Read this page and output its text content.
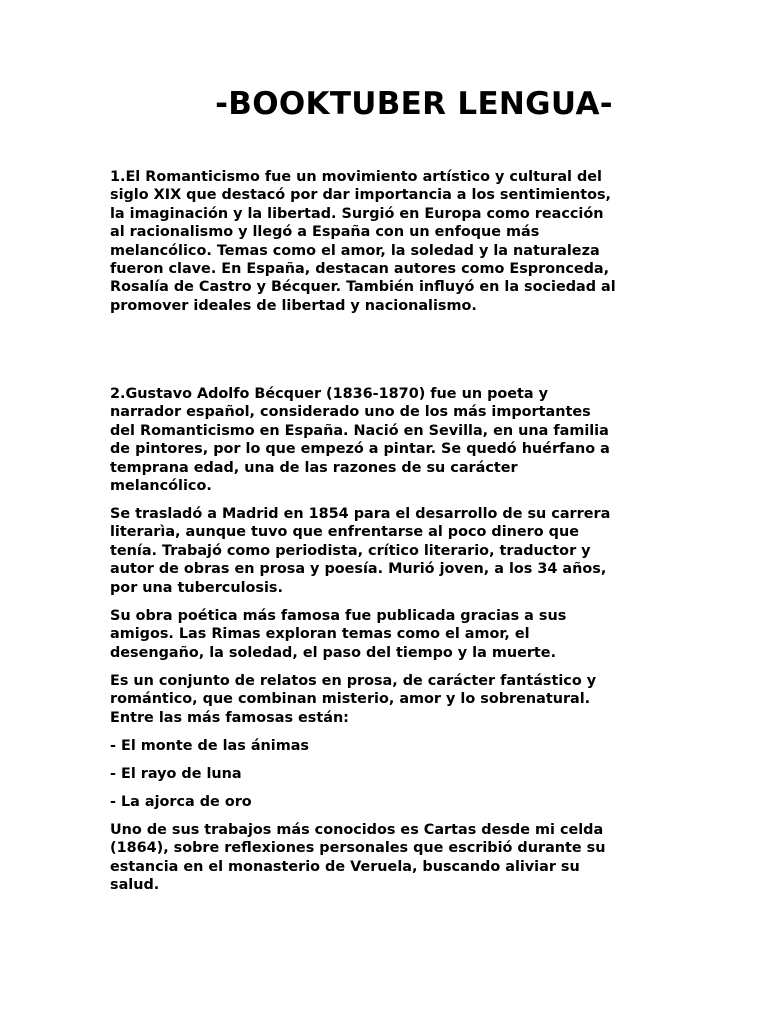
-BOOKTUBER LENGUA-

1.El Romanticismo fue un movimiento artístico y cultural del
siglo XIX que destacó por dar importancia a los sentimientos,
la imaginación y la libertad. Surgió en Europa como reacción
al racionalismo y llegó a España con un enfoque más
melancólico. Temas como el amor, la soledad y la naturaleza
fueron clave. En España, destacan autores como Espronceda,
Rosalía de Castro y Bécquer. También influyó en la sociedad al
promover ideales de libertad y nacionalismo.

2.Gustavo Adolfo Bécquer (1836-1870) fue un poeta y
narrador español, considerado uno de los más importantes
del Romanticismo en España. Nació en Sevilla, en una familia
de pintores, por lo que empezó a pintar. Se quedó huérfano a
temprana edad, una de las razones de su carácter
melancólico.

Se trasladó a Madrid en 1854 para el desarrollo de su carrera
literarìa, aunque tuvo que enfrentarse al poco dinero que
tenía. Trabajó como periodista, crítico literario, traductor y
autor de obras en prosa y poesía. Murió joven, a los 34 años,
por una tuberculosis.

Su obra poética más famosa fue publicada gracias a sus
amigos. Las Rimas exploran temas como el amor, el
desengaño, la soledad, el paso del tiempo y la muerte.

Es un conjunto de relatos en prosa, de carácter fantástico y
romántico, que combinan misterio, amor y lo sobrenatural.
Entre las más famosas están:

- El monte de las ánimas

- El rayo de luna

- La ajorca de oro

Uno de sus trabajos más conocidos es Cartas desde mi celda
(1864), sobre reflexiones personales que escribió durante su
estancia en el monasterio de Veruela, buscando aliviar su
salud.
